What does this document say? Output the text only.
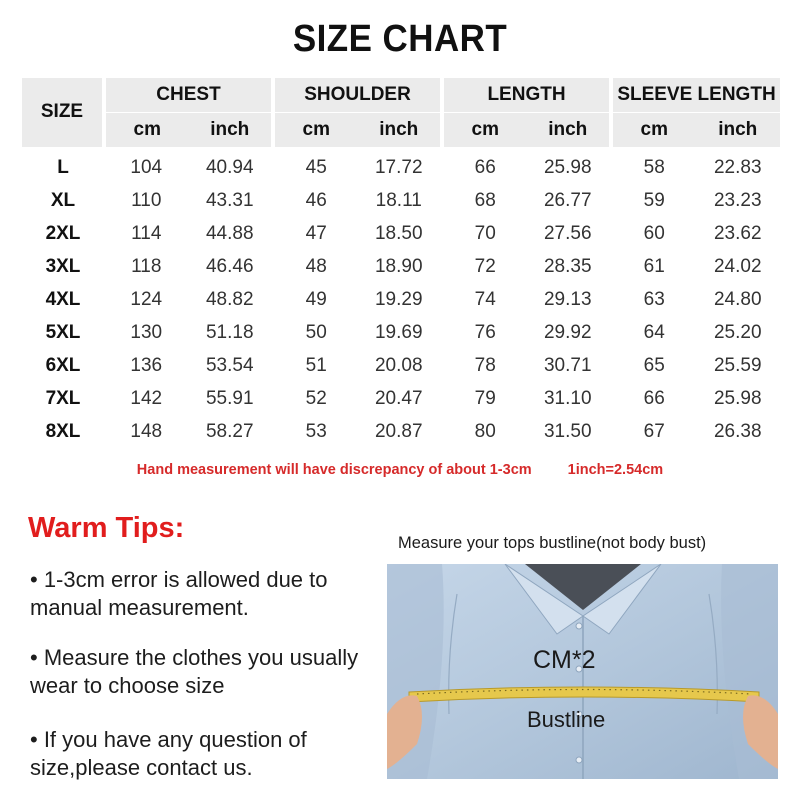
SIZE CHART
SIZE	CHEST		SHOULDER		LENGTH		SLEEVE LENGTH	
	cm	inch	cm	inch	cm	inch	cm	inch
L	104	40.94	45	17.72	66	25.98	58	22.83
XL	110	43.31	46	18.11	68	26.77	59	23.23
2XL	114	44.88	47	18.50	70	27.56	60	23.62
3XL	118	46.46	48	18.90	72	28.35	61	24.02
4XL	124	48.82	49	19.29	74	29.13	63	24.80
5XL	130	51.18	50	19.69	76	29.92	64	25.20
6XL	136	53.54	51	20.08	78	30.71	65	25.59
7XL	142	55.91	52	20.47	79	31.10	66	25.98
8XL	148	58.27	53	20.87	80	31.50	67	26.38
Hand measurement will have discrepancy of about 1-3cm 1inch=2.54cm
Warm Tips:
• 1-3cm error is allowed due to manual measurement.
• Measure the clothes you usually wear to choose size
• If you have any question of size,please contact us.
Measure your tops bustline(not body bust)
CM*2
Bustline
